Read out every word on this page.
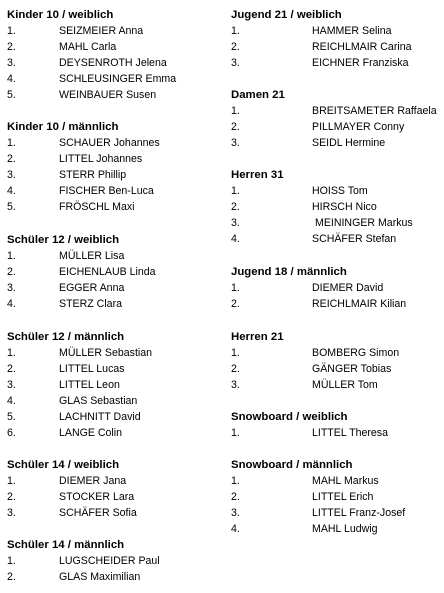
Kinder 10 / weiblich
1.	SEIZMEIER Anna
2.	MAHL Carla
3.	DEYSENROTH Jelena
4.	SCHLEUSINGER Emma
5.	WEINBAUER Susen
Kinder 10 / männlich
1.	SCHAUER Johannes
2.	LITTEL Johannes
3.	STERR Phillip
4.	FISCHER Ben-Luca
5.	FRÖSCHL Maxi
Schüler 12 / weiblich
1.	MÜLLER Lisa
2.	EICHENLAUB Linda
3.	EGGER Anna
4.	STERZ Clara
Schüler 12 / männlich
1.	MÜLLER Sebastian
2.	LITTEL Lucas
3.	LITTEL Leon
4.	GLAS Sebastian
5.	LACHNITT David
6.	LANGE Colin
Schüler 14 / weiblich
1.	DIEMER Jana
2.	STOCKER Lara
3.	SCHÄFER Sofia
Schüler 14 / männlich
1.	LUGSCHEIDER Paul
2.	GLAS Maximilian
Jugend 21 / weiblich
1.	HAMMER Selina
2.	REICHLMAIR Carina
3.	EICHNER Franziska
Damen 21
1.	BREITSAMETER Raffaela
2.	PILLMAYER Conny
3.	SEIDL Hermine
Herren 31
1.	HOISS Tom
2.	HIRSCH Nico
3.	MEININGER Markus
4.	SCHÄFER Stefan
Jugend 18 / männlich
1.	DIEMER David
2.	REICHLMAIR Kilian
Herren 21
1.	BOMBERG Simon
2.	GÄNGER Tobias
3.	MÜLLER Tom
Snowboard / weiblich
1.	LITTEL Theresa
Snowboard / männlich
1.	MAHL Markus
2.	LITTEL Erich
3.	LITTEL Franz-Josef
4.	MAHL Ludwig
